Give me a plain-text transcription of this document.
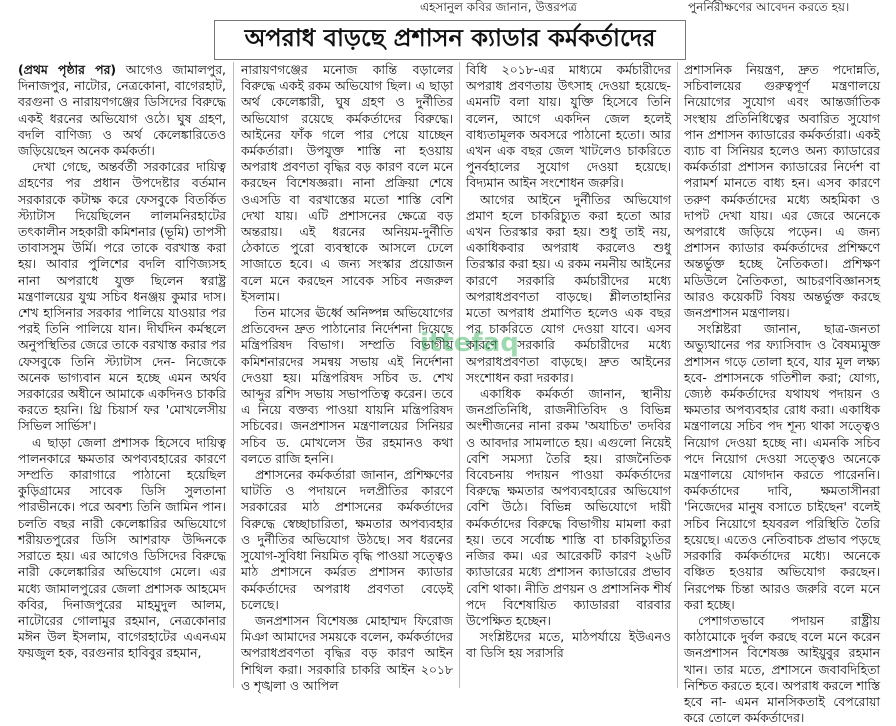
এহসানুল কবির জানান, উত্তরপত্র	পুনর্নিরীক্ষণের আবেদন করতে হয়।
অপরাধ বাড়ছে প্রশাসন ক্যাডার কর্মকর্তাদের

(প্রথম পৃষ্ঠার পর) আগেও জামালপুর, দিনাজপুর, নাটোর, নেত্রকোনা, বাগেরহাট, বরগুনা ও নারায়ণগঞ্জের ডিসিদের বিরুদ্ধে একই ধরনের অভিযোগ ওঠে। ঘুষ গ্রহণ, বদলি বাণিজ্য ও অর্থ কেলেঙ্কারিতেও জড়িয়েছেন অনেক কর্মকর্তা।

দেখা গেছে, অন্তর্বর্তী সরকারের দায়িত্ব গ্রহণের পর প্রধান উপদেষ্টার বর্তমান সরকারকে কটাক্ষ করে ফেসবুকে বিতর্কিত স্ট্যাটাস দিয়েছিলেন লালমনিরহাটের তৎকালীন সহকারী কমিশনার (ভূমি) তাপসী তাবাসসুম উর্মি। পরে তাকে বরখাস্ত করা হয়। আবার পুলিশের বদলি বাণিজ্যসহ নানা অপরাধে যুক্ত ছিলেন স্বরাষ্ট্র মন্ত্রণালয়ের যুগ্ম সচিব ধনঞ্জয় কুমার দাস। শেখ হাসিনার সরকার পালিয়ে যাওয়ার পর পরই তিনি পালিয়ে যান। দীর্ঘদিন কর্মস্থলে অনুপস্থিতির জেরে তাকে বরখাস্ত করার পর ফেসবুকে তিনি স্ট্যাটাস দেন- নিজেকে অনেক ভাগ্যবান মনে হচ্ছে এমন অর্থব সরকারের অধীনে আমাকে একদিনও চাকরি করতে হয়নি। থ্রি চিয়ার্স ফর 'মোখলেসীয় সিভিল সার্ভিস'।

এ ছাড়া জেলা প্রশাসক হিসেবে দায়িত্ব পালনকারে ক্ষমতার অপব্যবহারের কারণে সম্প্রতি কারাগারে পাঠানো হয়েছিল কুড়িগ্রামের সাবেক ডিসি সুলতানা পারভীনকে। পরে অবশ্য তিনি জামিন পান। চলতি বছর নারী কেলেঙ্কারির অভিযোগে শরীয়তপুরের ডিসি আশরাফ উদ্দিনকে সরাতে হয়। এর আগেও ডিসিদের বিরুদ্ধে নারী কেলেঙ্কারির অভিযোগ মেলে। এর মধ্যে জামালপুরের জেলা প্রশাসক আহমেদ কবির, দিনাজপুরের মাহমুদুল আলম, নাটোরের গোলামুর রহমান, নেত্রকোনার মঈন উল ইসলাম, বাগেরহাটের এএনএম ফয়জুল হক, বরগুনার হাবিবুর রহমান,

নারায়ণগঞ্জের মনোজ কান্তি বড়ালের বিরুদ্ধে একই রকম অভিযোগ ছিল। এ ছাড়া অর্থ কেলেঙ্কারী, ঘুষ গ্রহণ ও দুর্নীতির অভিযোগ রয়েছে কর্মকর্তাদের বিরুদ্ধে। আইনের ফাঁক গলে পার পেয়ে যাচ্ছেন কর্মকর্তারা। উপযুক্ত শাস্তি না হওয়ায় অপরাধ প্রবণতা বৃদ্ধির বড় কারণ বলে মনে করছেন বিশেষজ্ঞরা। নানা প্রক্রিয়া শেষে ওএসডি বা বরখাস্তের মতো শাস্তি বেশি দেখা যায়। এটি প্রশাসনের ক্ষেত্রে বড় অন্তরায়। এই ধরনের অনিয়ম-দুর্নীতি ঠেকাতে পুরো ব্যবস্থাকে আসলে ঢেলে সাজাতে হবে। এ জন্য সংস্কার প্রয়োজন বলে মনে করছেন সাবেক সচিব নজরুল ইসলাম।

তিন মাসের ঊর্ধ্বে অনিষ্পন্ন অভিযোগের প্রতিবেদন দ্রুত পাঠানোর নির্দেশনা দিয়েছে মন্ত্রিপরিষদ বিভাগ। সম্প্রতি বিভাগীয় কমিশনারদের সমন্বয় সভায় এই নির্দেশনা দেওয়া হয়। মন্ত্রিপরিষদ সচিব ড. শেখ আব্দুর রশিদ সভায় সভাপতিত্ব করেন। তবে এ নিয়ে বক্তব্য পাওয়া যায়নি মন্ত্রিপরিষদ সচিবের। জনপ্রশাসন মন্ত্রণালয়ের সিনিয়র সচিব ড. মোখলেস উর রহমানও কথা বলতে রাজি হননি।

প্রশাসনের কর্মকর্তারা জানান, প্রশিক্ষণের ঘাটতি ও পদায়নে দলপ্রীতির কারণে সরকারের মাঠ প্রশাসনের কর্মকর্তাদের বিরুদ্ধে স্বেচ্ছাচারিতা, ক্ষমতার অপব্যবহার ও দুর্নীতির অভিযোগ উঠছে। সব ধরনের সুযোগ-সুবিধা নিয়মিত বৃদ্ধি পাওয়া সত্ত্বেও মাঠ প্রশাসনে কর্মরত প্রশাসন ক্যাডার কর্মকর্তাদের অপরাধ প্রবণতা বেড়েই চলেছে।

জনপ্রশাসন বিশেষজ্ঞ মোহাম্মদ ফিরোজ মিঞা আমাদের সময়কে বলেন, কর্মকর্তাদের অপরাধপ্রবণতা বৃদ্ধির বড় কারণ আইন শিথিল করা। সরকারি চাকরি আইন ২০১৮ ও শৃঙ্খলা ও আপিল

বিধি ২০১৮-এর মাধ্যমে কর্মচারীদের অপরাধ প্রবণতায় উৎসাহ দেওয়া হয়েছে- এমনটি বলা যায়। যুক্তি হিসেবে তিনি বলেন, আগে একদিন জেল হলেই বাধ্যতামূলক অবসরে পাঠানো হতো। আর এখন এক বছর জেল খাটলেও চাকরিতে পুনর্বহালের সুযোগ দেওয়া হয়েছে। বিদ্যমান আইন সংশোধন জরুরি।

আগের আইনে দুর্নীতির অভিযোগ প্রমাণ হলে চাকরিচ্যুত করা হতো আর এখন তিরস্কার করা হয়। শুধু তাই নয়, একাধিকবার অপরাধ করলেও শুধু তিরস্কার করা হয়। এ রকম নমনীয় আইনের কারণে সরকারি কর্মচারীদের মধ্যে অপরাধপ্রবণতা বাড়ছে। শ্লীলতাহানির মতো অপরাধ প্রমাণিত হলেও এক বছর পর চাকরিতে যোগ দেওয়া যাবে। এসব কারণে সরকারি কর্মচারীদের মধ্যে অপরাধপ্রবণতা বাড়ছে। দ্রুত আইনের সংশোধন করা দরকার।

একাধিক কর্মকর্তা জানান, স্থানীয় জনপ্রতিনিধি, রাজনীতিবিদ ও বিভিন্ন অংশীজনের নানা রকম 'অযাচিত' তদবির ও আবদার সামলাতে হয়। এগুলো নিয়েই বেশি সমস্যা তৈরি হয়। রাজনৈতিক বিবেচনায় পদায়ন পাওয়া কর্মকর্তাদের বিরুদ্ধে ক্ষমতার অপব্যবহারের অভিযোগ বেশি উঠে। বিভিন্ন অভিযোগে দায়ী কর্মকর্তাদের বিরুদ্ধে বিভাগীয় মামলা করা হয়। তবে সর্বোচ্চ শাস্তি বা চাকরিচ্যুতির নজির কম। এর আরেকটি কারণ ২৬টি ক্যাডারের মধ্যে প্রশাসন ক্যাডারের প্রভাব বেশি থাকা। নীতি প্রণয়ন ও প্রশাসনিক শীর্ষ পদে বিশেষায়িত ক্যাডাররা বারবার উপেক্ষিত হচ্ছেন।

সংশ্লিষ্টদের মতে, মাঠপর্যায়ে ইউএনও বা ডিসি হয় সরাসরি

প্রশাসনিক নিয়ন্ত্রণ, দ্রুত পদোন্নতি, সচিবালয়ের গুরুত্বপূর্ণ মন্ত্রণালয়ে নিয়োগের সুযোগ এবং আন্তর্জাতিক সংস্থায় প্রতিনিধিত্বের অবারিত সুযোগ পান প্রশাসন ক্যাডারের কর্মকর্তারা। একই ব্যাচ বা সিনিয়র হলেও অন্য ক্যাডারের কর্মকর্তারা প্রশাসন ক্যাডারের নির্দেশ বা পরামর্শ মানতে বাধ্য হন। এসব কারণে তরুণ কর্মকর্তাদের মধ্যে অহমিকা ও দাপট দেখা যায়। এর জেরে অনেকে অপরাধে জড়িয়ে পড়েন। এ জন্য প্রশাসন ক্যাডার কর্মকর্তাদের প্রশিক্ষণে অন্তর্ভুক্ত হচ্ছে নৈতিকতা। প্রশিক্ষণ মডিউলে নৈতিকতা, আচরণবিজ্ঞানসহ আরও কয়েকটি বিষয় অন্তর্ভুক্ত করছে জনপ্রশাসন মন্ত্রণালয়।

সংশ্লিষ্টরা জানান, ছাত্র-জনতা অভ্যুত্থানের পর ফ্যাসিবাদ ও বৈষম্যমুক্ত প্রশাসন গড়ে তোলা হবে, যার মূল লক্ষ্য হবে- প্রশাসনকে গতিশীল করা; যোগ্য, জ্যেষ্ঠ কর্মকর্তাদের যথাযথ পদায়ন ও ক্ষমতার অপব্যবহার রোধ করা। একাধিক মন্ত্রণালয়ে সচিব পদ শূন্য থাকা সত্ত্বেও নিয়োগ দেওয়া হচ্ছে না। এমনকি সচিব পদে নিয়োগ দেওয়া সত্ত্বেও অনেকে মন্ত্রণালয়ে যোগদান করতে পারেননি। কর্মকর্তাদের দাবি, ক্ষমতাসীনরা 'নিজেদের মানুষ বসাতে চাইছেন' বলেই সচিব নিয়োগে হযবরল পরিস্থিতি তৈরি হয়েছে। এতেও নেতিবাচক প্রভাব পড়ছে সরকারি কর্মকর্তাদের মধ্যে। অনেকে বঞ্চিত হওয়ার অভিযোগ করছেন। নিরপেক্ষ চিন্তা আরও জরুরি বলে মনে করা হচ্ছে।

পেশাগতভাবে পদায়ন রাষ্ট্রীয় কাঠামোকে দুর্বল করছে বলে মনে করেন জনপ্রশাসন বিশেষজ্ঞ আইয়ুবুর রহমান খান। তার মতে, প্রশাসনে জবাবদিহিতা নিশ্চিত করতে হবে। অপরাধ করলে শাস্তি হবে না- এমন মানসিকতাই বেপরোয়া করে তোলে কর্মকর্তাদের।

ittefaq
